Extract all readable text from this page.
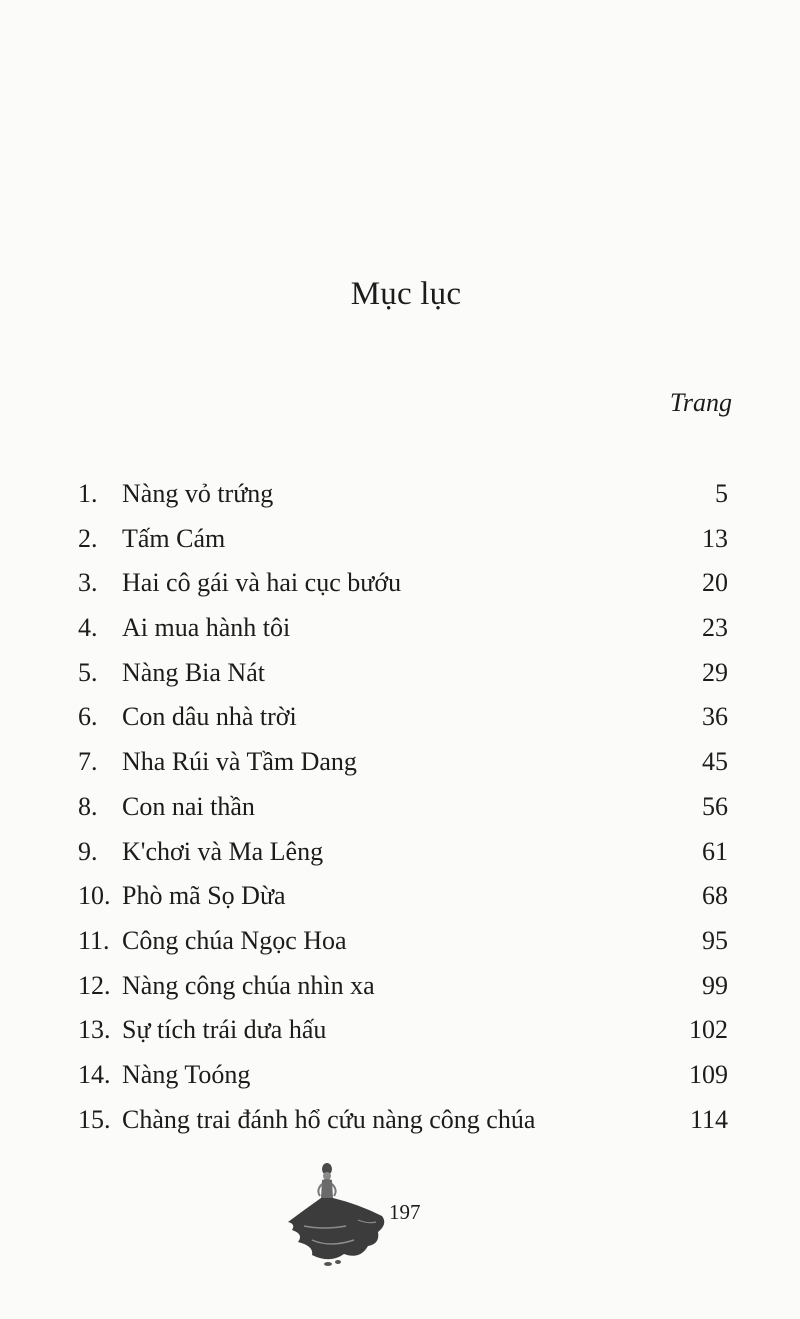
Mục lục
Trang
1. Nàng vỏ trứng	5
2. Tấm Cám	13
3. Hai cô gái và hai cục bướu	20
4. Ai mua hành tôi	23
5. Nàng Bia Nát	29
6. Con dâu nhà trời	36
7. Nha Rúi và Tầm Dang	45
8. Con nai thần	56
9. K'chơi và Ma Lêng	61
10. Phò mã Sọ Dừa	68
11. Công chúa Ngọc Hoa	95
12. Nàng công chúa nhìn xa	99
13. Sự tích trái dưa hấu	102
14. Nàng Toóng	109
15. Chàng trai đánh hổ cứu nàng công chúa	114
197
